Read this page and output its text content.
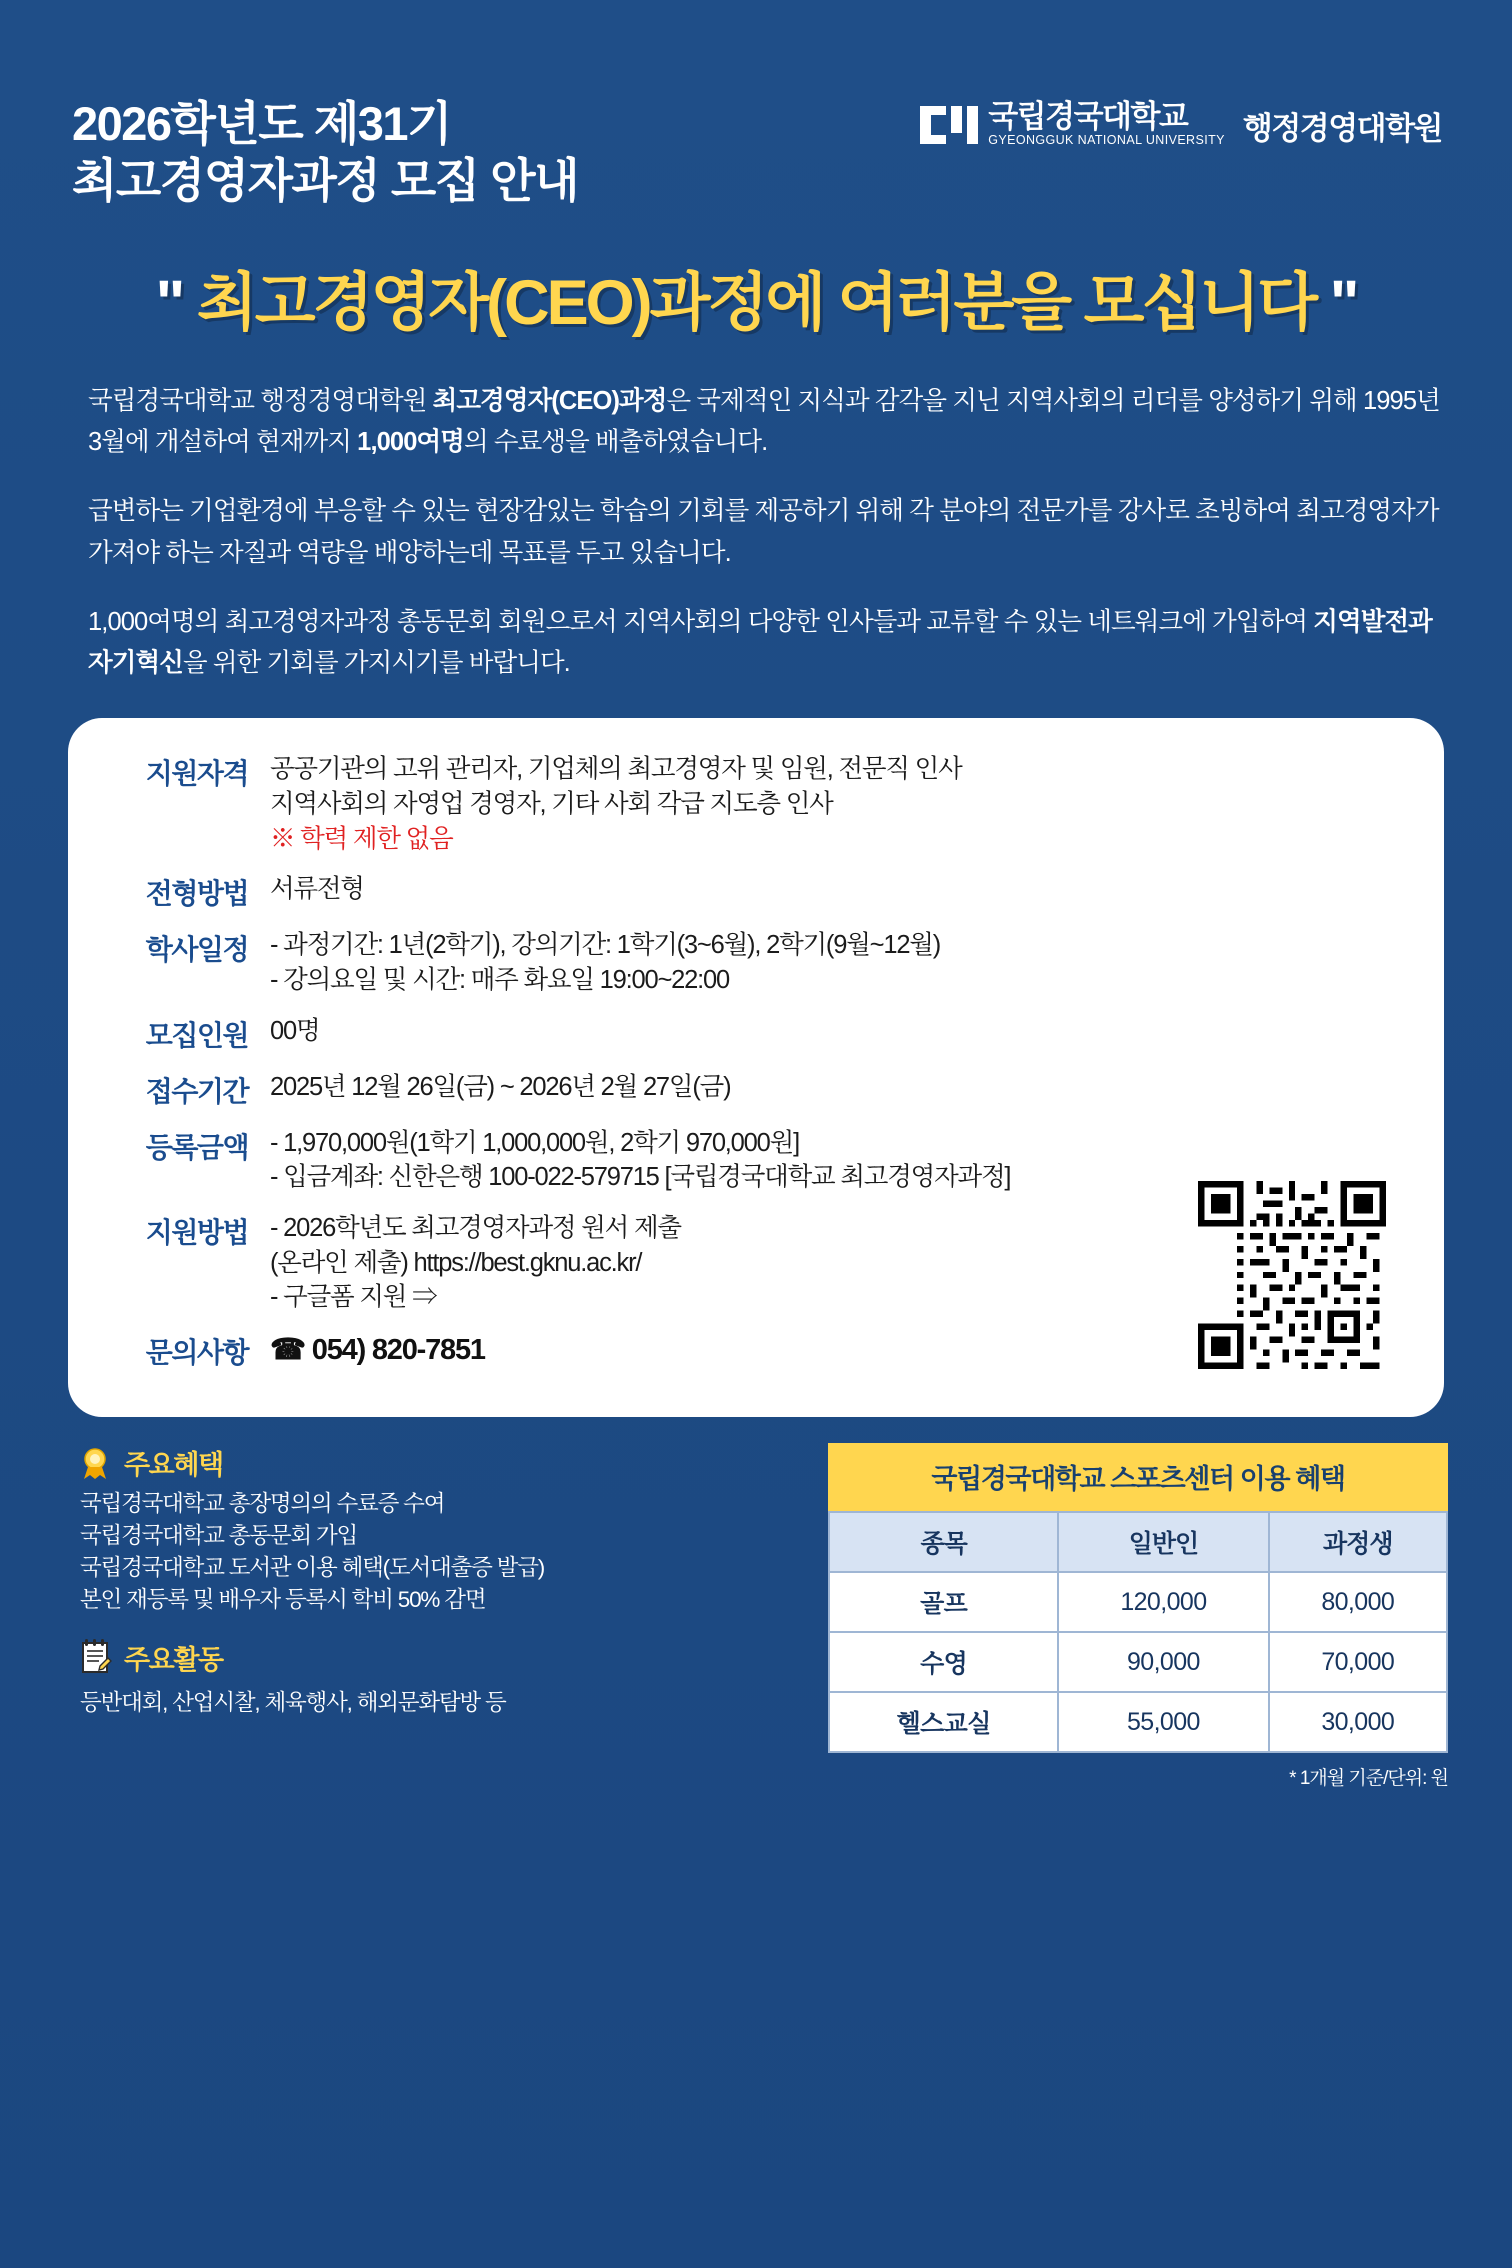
2026학년도 제31기
최고경영자과정 모집 안내
국립경국대학교
GYEONGGUK NATIONAL UNIVERSITY 행정경영대학원
" 최고경영자(CEO)과정에 여러분을 모십니다 "

국립경국대학교 행정경영대학원 최고경영자(CEO)과정은 국제적인 지식과 감각을 지닌 지역사회의 리더를 양성하기 위해 1995년 3월에 개설하여 현재까지 1,000여명의 수료생을 배출하였습니다.

급변하는 기업환경에 부응할 수 있는 현장감있는 학습의 기회를 제공하기 위해 각 분야의 전문가를 강사로 초빙하여 최고경영자가 가져야 하는 자질과 역량을 배양하는데 목표를 두고 있습니다.

1,000여명의 최고경영자과정 총동문회 회원으로서 지역사회의 다양한 인사들과 교류할 수 있는 네트워크에 가입하여 지역발전과 자기혁신을 위한 기회를 가지시기를 바랍니다.

지원자격 공공기관의 고위 관리자, 기업체의 최고경영자 및 임원, 전문직 인사
지역사회의 자영업 경영자, 기타 사회 각급 지도층 인사
※ 학력 제한 없음
전형방법 서류전형
학사일정 - 과정기간: 1년(2학기), 강의기간: 1학기(3~6월), 2학기(9월~12월)
- 강의요일 및 시간: 매주 화요일 19:00~22:00
모집인원 00명
접수기간 2025년 12월 26일(금) ~ 2026년 2월 27일(금)
등록금액 - 1,970,000원(1학기 1,000,000원, 2학기 970,000원]
- 입금계좌: 신한은행 100-022-579715 [국립경국대학교 최고경영자과정]
지원방법 - 2026학년도 최고경영자과정 원서 제출
(온라인 제출) https://best.gknu.ac.kr/
- 구글폼 지원 ⇒
문의사항 ☎ 054) 820-7851
주요혜택
국립경국대학교 총장명의의 수료증 수여
국립경국대학교 총동문회 가입
국립경국대학교 도서관 이용 혜택(도서대출증 발급)
본인 재등록 및 배우자 등록시 학비 50% 감면
주요활동
등반대회, 산업시찰, 체육행사, 해외문화탐방 등
국립경국대학교 스포츠센터 이용 혜택
종목	일반인	과정생
골프	120,000	80,000
수영	90,000	70,000
헬스교실	55,000	30,000
* 1개월 기준/단위: 원
